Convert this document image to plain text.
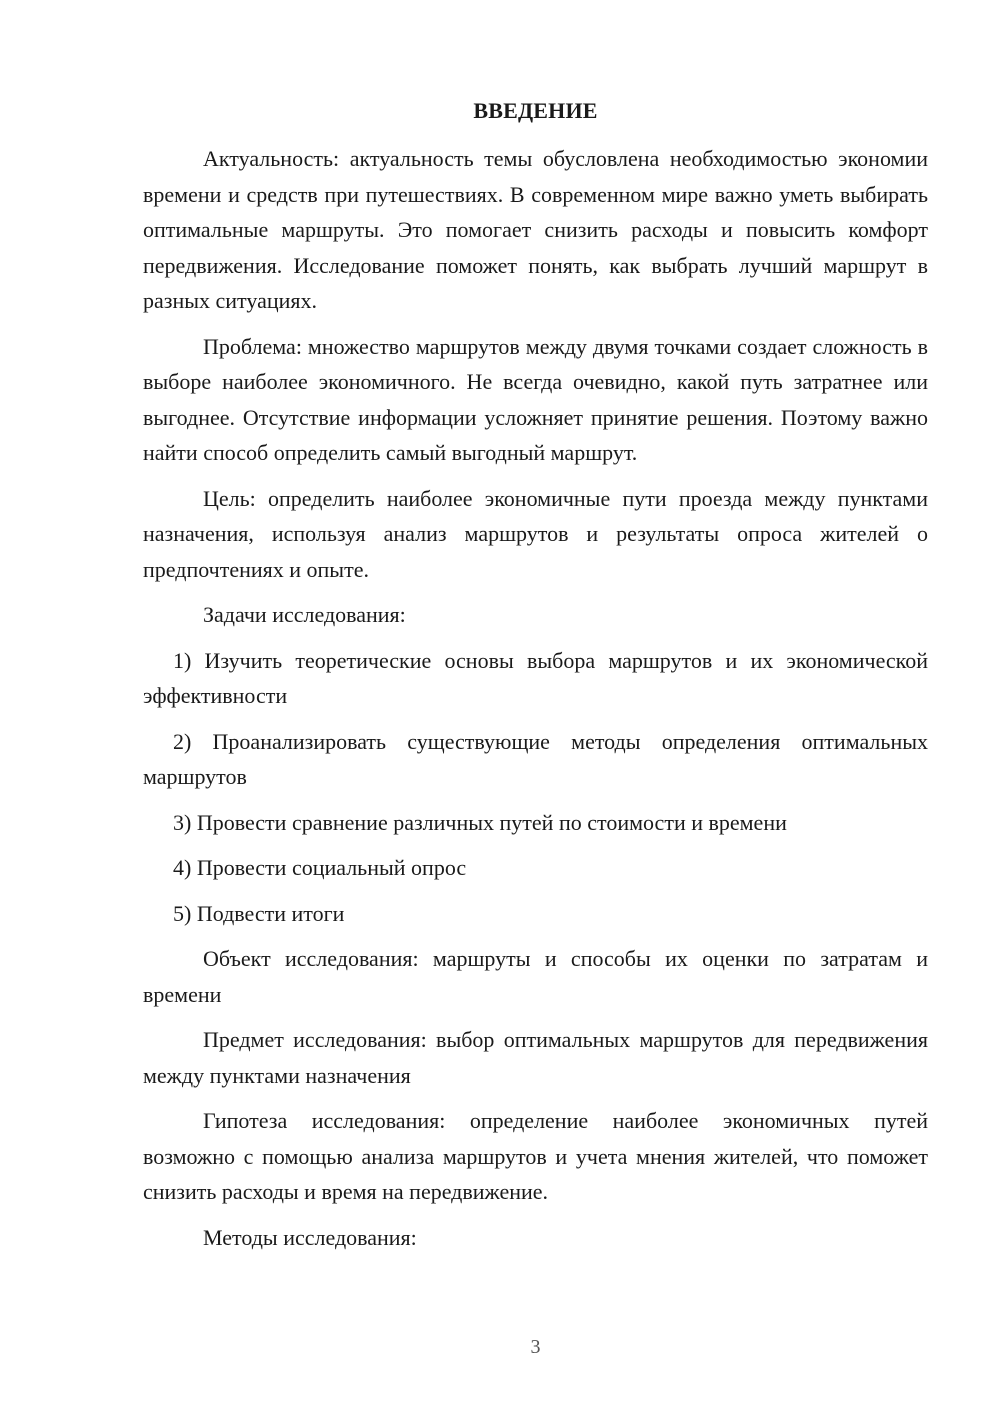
ВВЕДЕНИЕ

Актуальность: актуальность темы обусловлена необходимостью экономии времени и средств при путешествиях. В современном мире важно уметь выбирать оптимальные маршруты. Это помогает снизить расходы и повысить комфорт передвижения. Исследование поможет понять, как выбрать лучший маршрут в разных ситуациях.

Проблема: множество маршрутов между двумя точками создает сложность в выборе наиболее экономичного. Не всегда очевидно, какой путь затратнее или выгоднее. Отсутствие информации усложняет принятие решения. Поэтому важно найти способ определить самый выгодный маршрут.

Цель: определить наиболее экономичные пути проезда между пунктами назначения, используя анализ маршрутов и результаты опроса жителей о предпочтениях и опыте.

Задачи исследования:

1) Изучить теоретические основы выбора маршрутов и их экономической эффективности

2) Проанализировать существующие методы определения оптимальных маршрутов

3) Провести сравнение различных путей по стоимости и времени

4) Провести социальный опрос

5) Подвести итоги

Объект исследования: маршруты и способы их оценки по затратам и времени

Предмет исследования: выбор оптимальных маршрутов для передвижения между пунктами назначения

Гипотеза исследования: определение наиболее экономичных путей возможно с помощью анализа маршрутов и учета мнения жителей, что поможет снизить расходы и время на передвижение.

Методы исследования:

3
